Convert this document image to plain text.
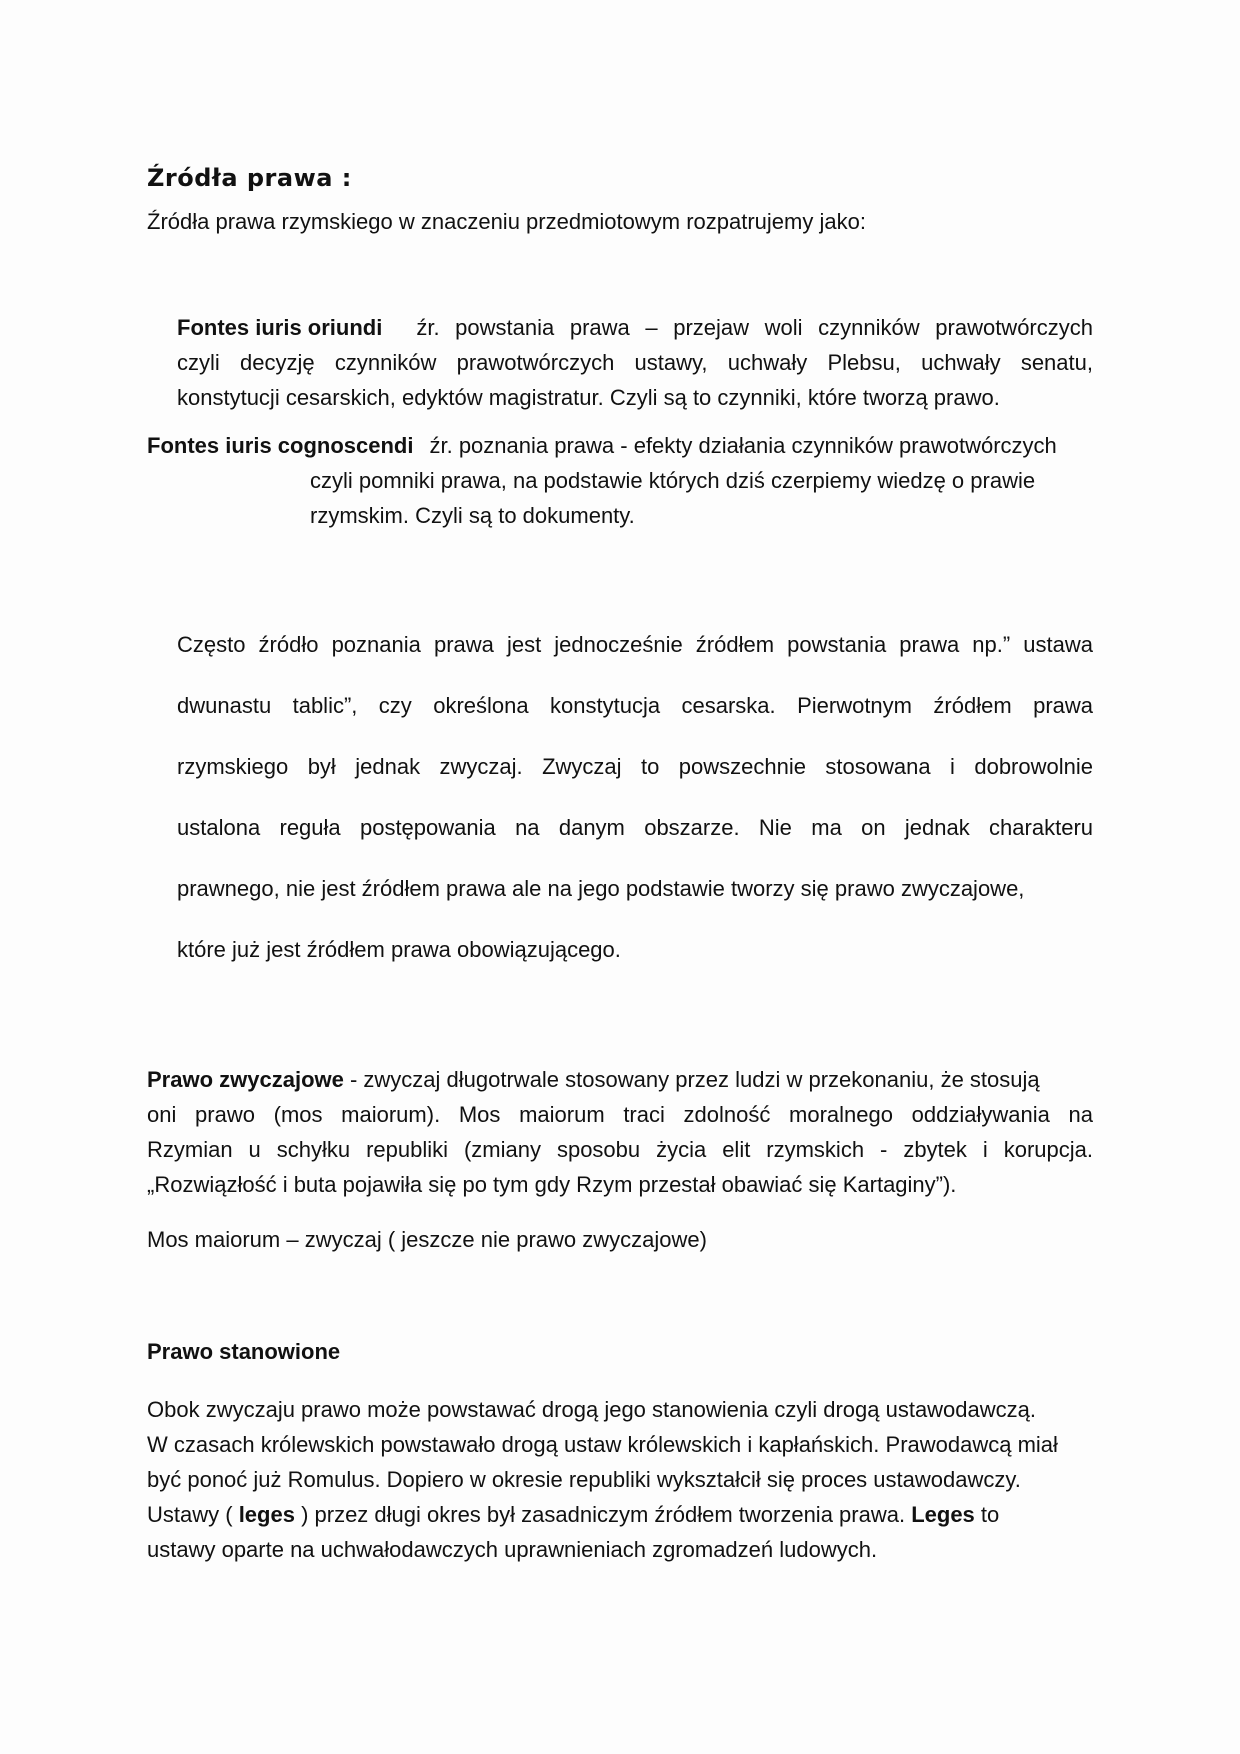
Źródła prawa :
Źródła prawa rzymskiego w znaczeniu przedmiotowym rozpatrujemy jako:
Fontes iuris oriundi źr. powstania prawa – przejaw woli czynników prawotwórczych
czyli decyzję czynników prawotwórczych ustawy, uchwały Plebsu, uchwały senatu,
konstytucji cesarskich, edyktów magistratur. Czyli są to czynniki, które tworzą prawo.
Fontes iuris cognoscendi źr. poznania prawa - efekty działania czynników prawotwórczych
czyli pomniki prawa, na podstawie których dziś czerpiemy wiedzę o prawie
rzymskim. Czyli są to dokumenty.
Często źródło poznania prawa jest jednocześnie źródłem powstania prawa np.” ustawa
dwunastu tablic”, czy określona konstytucja cesarska. Pierwotnym źródłem prawa
rzymskiego był jednak zwyczaj. Zwyczaj to powszechnie stosowana i dobrowolnie
ustalona reguła postępowania na danym obszarze. Nie ma on jednak charakteru
prawnego, nie jest źródłem prawa ale na jego podstawie tworzy się prawo zwyczajowe,
które już jest źródłem prawa obowiązującego.
Prawo zwyczajowe - zwyczaj długotrwale stosowany przez ludzi w przekonaniu, że stosują
oni prawo (mos maiorum). Mos maiorum traci zdolność moralnego oddziaływania na
Rzymian u schyłku republiki (zmiany sposobu życia elit rzymskich - zbytek i korupcja.
„Rozwiązłość i buta pojawiła się po tym gdy Rzym przestał obawiać się Kartaginy”).
Mos maiorum – zwyczaj ( jeszcze nie prawo zwyczajowe)
Prawo stanowione
Obok zwyczaju prawo może powstawać drogą jego stanowienia czyli drogą ustawodawczą.
W czasach królewskich powstawało drogą ustaw królewskich i kapłańskich. Prawodawcą miał
być ponoć już Romulus. Dopiero w okresie republiki wykształcił się proces ustawodawczy.
Ustawy ( leges ) przez długi okres był zasadniczym źródłem tworzenia prawa. Leges to
ustawy oparte na uchwałodawczych uprawnieniach zgromadzeń ludowych.
